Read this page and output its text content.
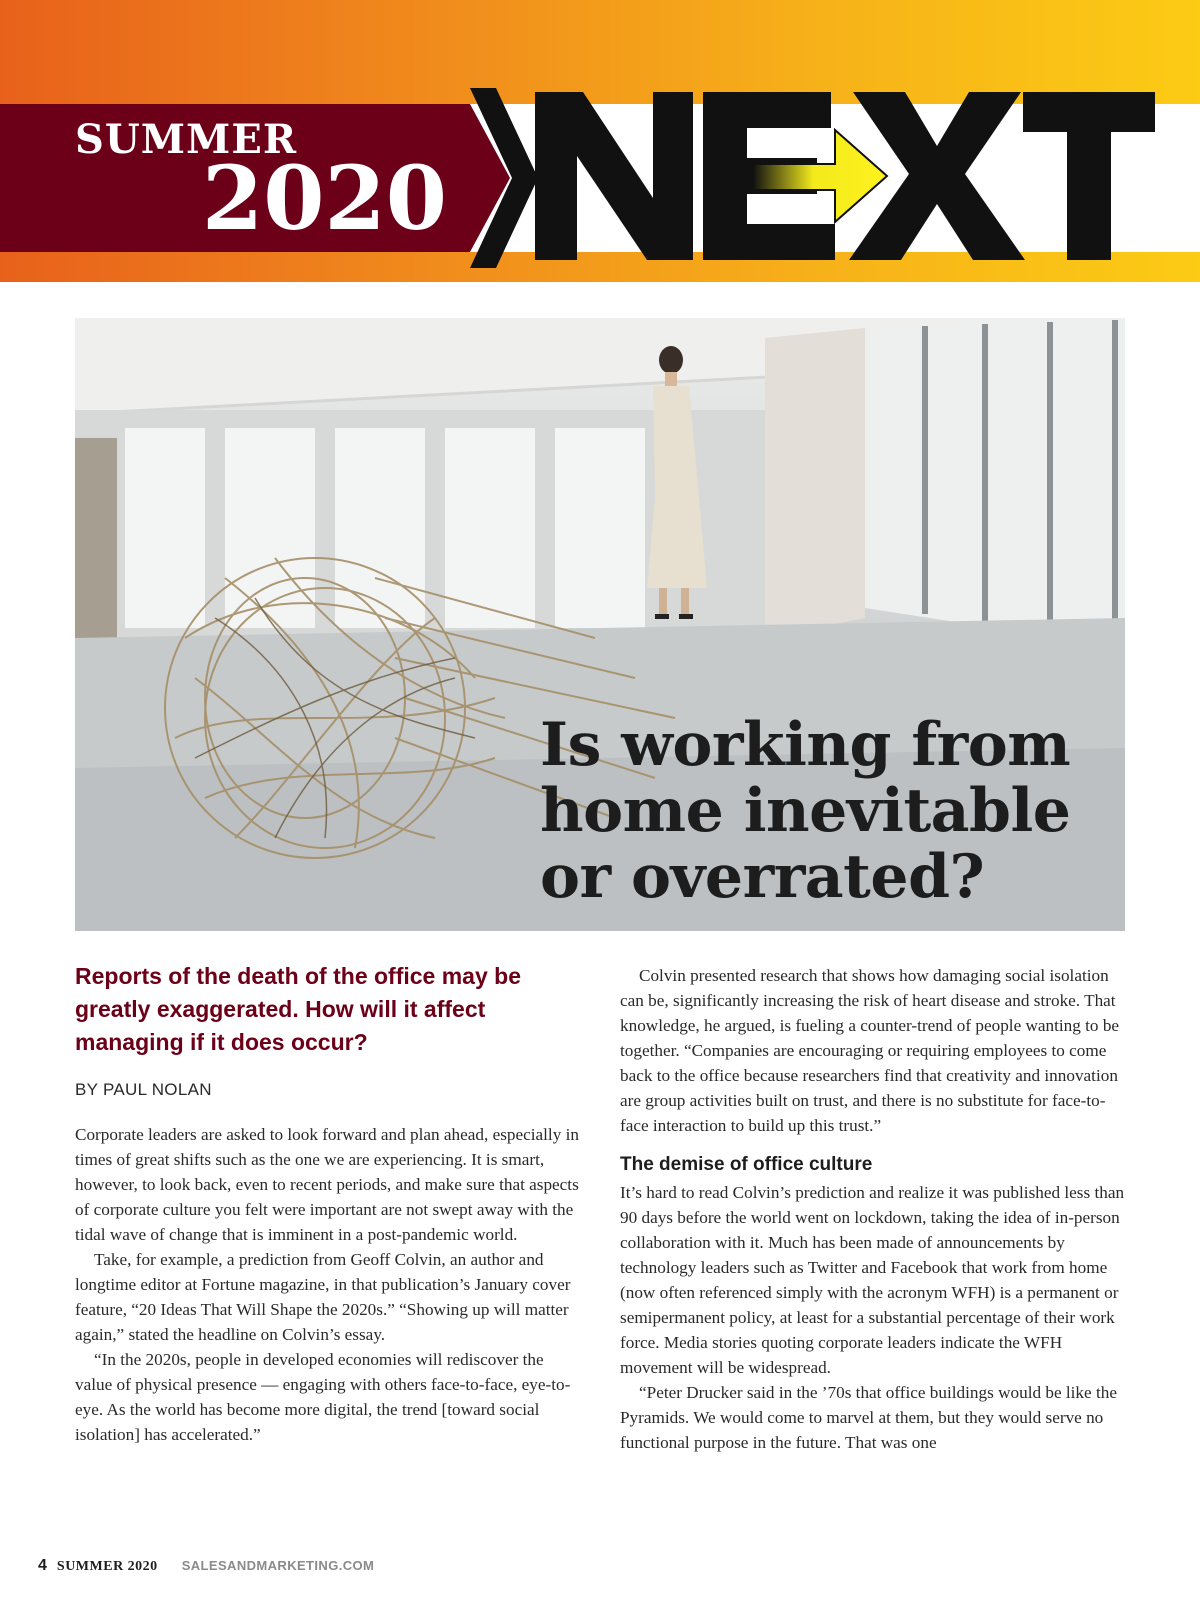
SUMMER
2020
Is working from home inevitable or overrated?

Reports of the death of the office may be greatly exaggerated. How will it affect managing if it does occur?

BY PAUL NOLAN

Corporate leaders are asked to look forward and plan ahead, especially in times of great shifts such as the one we are experiencing. It is smart, however, to look back, even to recent periods, and make sure that aspects of corporate culture you felt were important are not swept away with the tidal wave of change that is imminent in a post-pandemic world.

Take, for example, a prediction from Geoff Colvin, an author and longtime editor at Fortune magazine, in that publication’s January cover feature, “20 Ideas That Will Shape the 2020s.” “Showing up will matter again,” stated the headline on Colvin’s essay.

“In the 2020s, people in developed economies will rediscover the value of physical presence — engaging with others face-to-face, eye-to-eye. As the world has become more digital, the trend [toward social isolation] has accelerated.”

Colvin presented research that shows how damaging social isolation can be, significantly increasing the risk of heart disease and stroke. That knowledge, he argued, is fueling a counter-trend of people wanting to be together. “Companies are encouraging or requiring employees to come back to the office because researchers find that creativity and innovation are group activities built on trust, and there is no substitute for face-to-face interaction to build up this trust.”

The demise of office culture

It’s hard to read Colvin’s prediction and realize it was published less than 90 days before the world went on lockdown, taking the idea of in-person collaboration with it. Much has been made of announcements by technology leaders such as Twitter and Facebook that work from home (now often referenced simply with the acronym WFH) is a permanent or semipermanent policy, at least for a substantial percentage of their work force. Media stories quoting corporate leaders indicate the WFH movement will be widespread.

“Peter Drucker said in the ’70s that office buildings would be like the Pyramids. We would come to marvel at them, but they would serve no functional purpose in the future. That was one

4 SUMMER 2020 SALESANDMARKETING.COM
